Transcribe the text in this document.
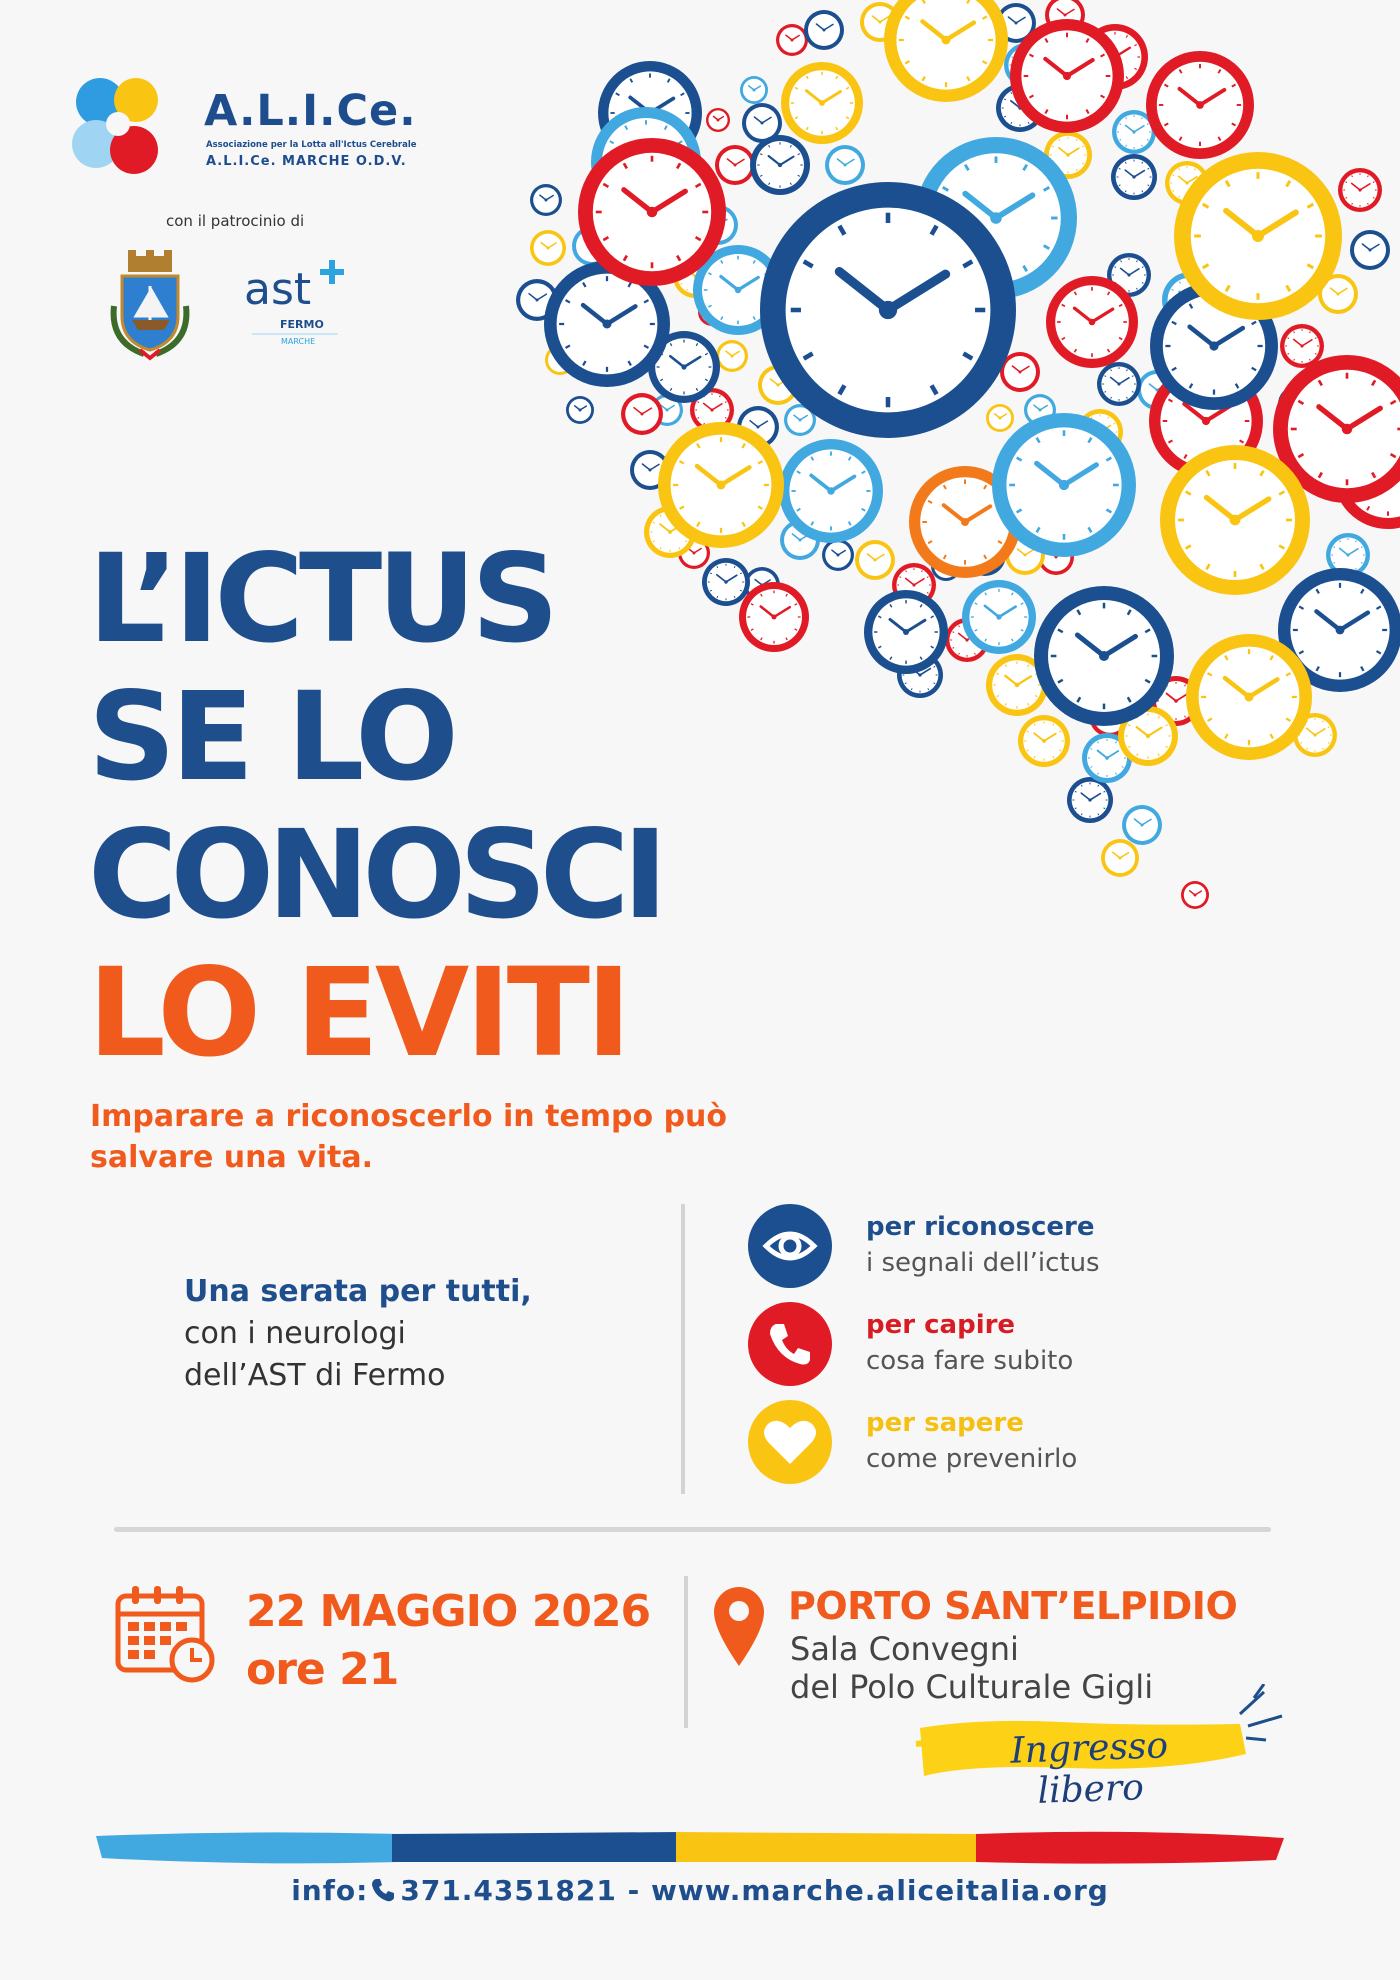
A.L.I.Ce.
Associazione per la Lotta all'Ictus Cerebrale
A.L.I.Ce. MARCHE O.D.V.
con il patrocinio di
ast
FERMO
MARCHE
L’ICTUS
SE LO
CONOSCI
LO EVITI

Imparare a riconoscerlo in tempo può salvare una vita.

Una serata per tutti,
con i neurologi
dell’AST di Fermo
per riconoscere
i segnali dell’ictus
per capire
cosa fare subito
per sapere
come prevenirlo
22 MAGGIO 2026
ore 21
PORTO SANT’ELPIDIO
Sala Convegni
del Polo Culturale Gigli
Ingresso libero
info: 371.4351821 - www.marche.aliceitalia.org
